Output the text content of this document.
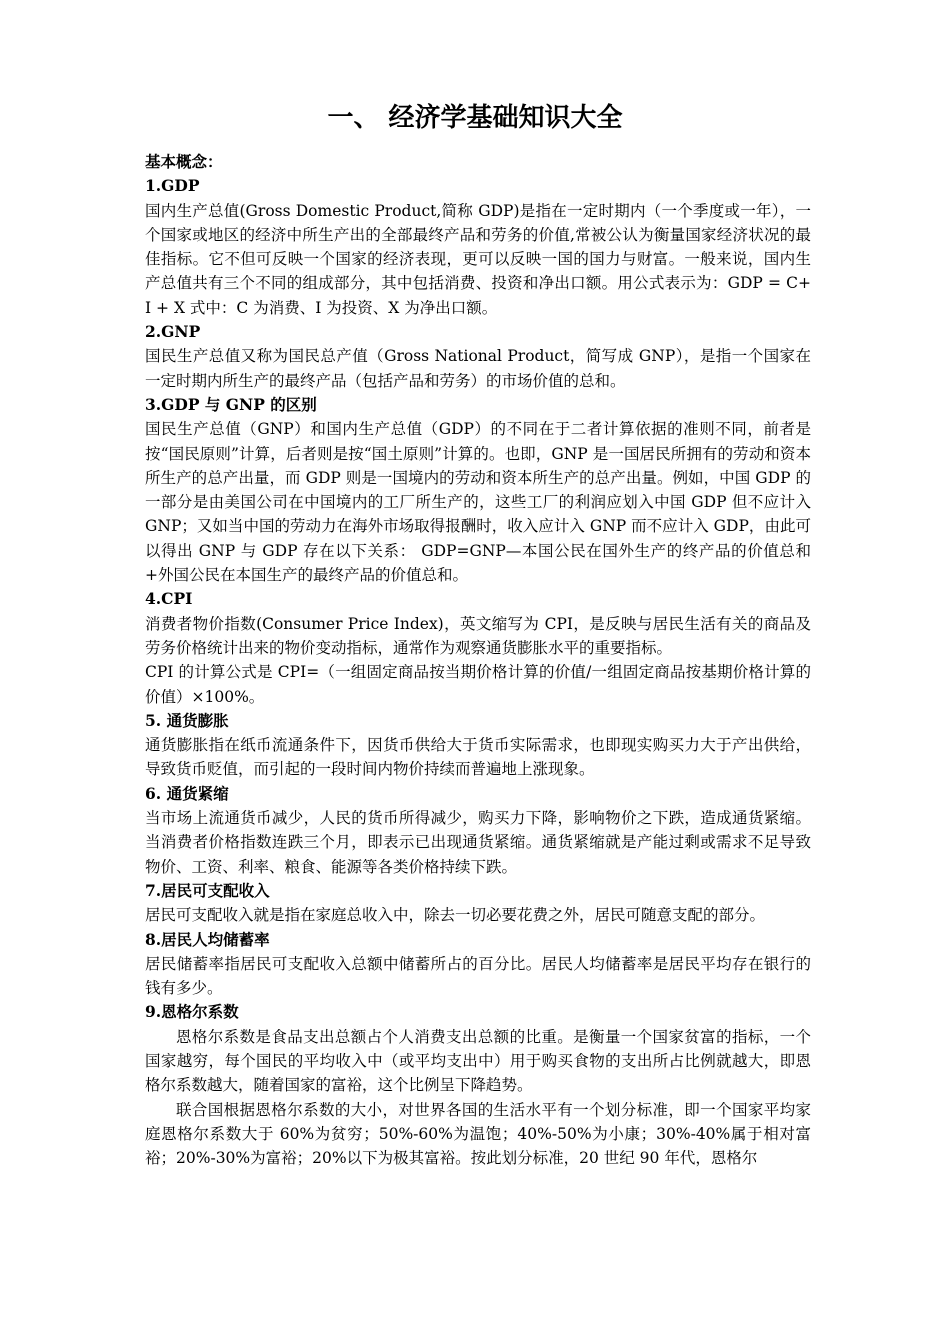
一、 经济学基础知识大全

基本概念：

1.GDP

国内生产总值(Gross Domestic Product,简称 GDP)是指在一定时期内（一个季度或一年），一个国家或地区的经济中所生产出的全部最终产品和劳务的价值,常被公认为衡量国家经济状况的最佳指标。它不但可反映一个国家的经济表现，更可以反映一国的国力与财富。一般来说，国内生产总值共有三个不同的组成部分，其中包括消费、投资和净出口额。用公式表示为：GDP = C+ I + X 式中：C 为消费、I 为投资、X 为净出口额。

2.GNP

国民生产总值又称为国民总产值（Gross National Product，简写成 GNP），是指一个国家在一定时期内所生产的最终产品（包括产品和劳务）的市场价值的总和。

3.GDP 与 GNP 的区别

国民生产总值（GNP）和国内生产总值（GDP）的不同在于二者计算依据的准则不同，前者是按“国民原则”计算，后者则是按“国土原则”计算的。也即，GNP 是一国居民所拥有的劳动和资本所生产的总产出量，而 GDP 则是一国境内的劳动和资本所生产的总产出量。例如，中国 GDP 的一部分是由美国公司在中国境内的工厂所生产的，这些工厂的利润应划入中国 GDP 但不应计入 GNP；又如当中国的劳动力在海外市场取得报酬时，收入应计入 GNP 而不应计入 GDP，由此可以得出 GNP 与 GDP 存在以下关系： GDP=GNP—本国公民在国外生产的终产品的价值总和+外国公民在本国生产的最终产品的价值总和。

4.CPI

消费者物价指数(Consumer Price Index)，英文缩写为 CPI，是反映与居民生活有关的商品及劳务价格统计出来的物价变动指标，通常作为观察通货膨胀水平的重要指标。

CPI 的计算公式是 CPI=（一组固定商品按当期价格计算的价值/一组固定商品按基期价格计算的价值）×100%。

5. 通货膨胀

通货膨胀指在纸币流通条件下，因货币供给大于货币实际需求，也即现实购买力大于产出供给，导致货币贬值，而引起的一段时间内物价持续而普遍地上涨现象。

6. 通货紧缩

当市场上流通货币减少，人民的货币所得减少，购买力下降，影响物价之下跌，造成通货紧缩。当消费者价格指数连跌三个月，即表示已出现通货紧缩。通货紧缩就是产能过剩或需求不足导致物价、工资、利率、粮食、能源等各类价格持续下跌。

7.居民可支配收入

居民可支配收入就是指在家庭总收入中，除去一切必要花费之外，居民可随意支配的部分。

8.居民人均储蓄率

居民储蓄率指居民可支配收入总额中储蓄所占的百分比。居民人均储蓄率是居民平均存在银行的钱有多少。

9.恩格尔系数

恩格尔系数是食品支出总额占个人消费支出总额的比重。是衡量一个国家贫富的指标，一个国家越穷，每个国民的平均收入中（或平均支出中）用于购买食物的支出所占比例就越大，即恩格尔系数越大，随着国家的富裕，这个比例呈下降趋势。

联合国根据恩格尔系数的大小，对世界各国的生活水平有一个划分标准，即一个国家平均家庭恩格尔系数大于 60%为贫穷；50%-60%为温饱；40%-50%为小康；30%-40%属于相对富裕；20%-30%为富裕；20%以下为极其富裕。按此划分标准，20 世纪 90 年代，恩格尔
